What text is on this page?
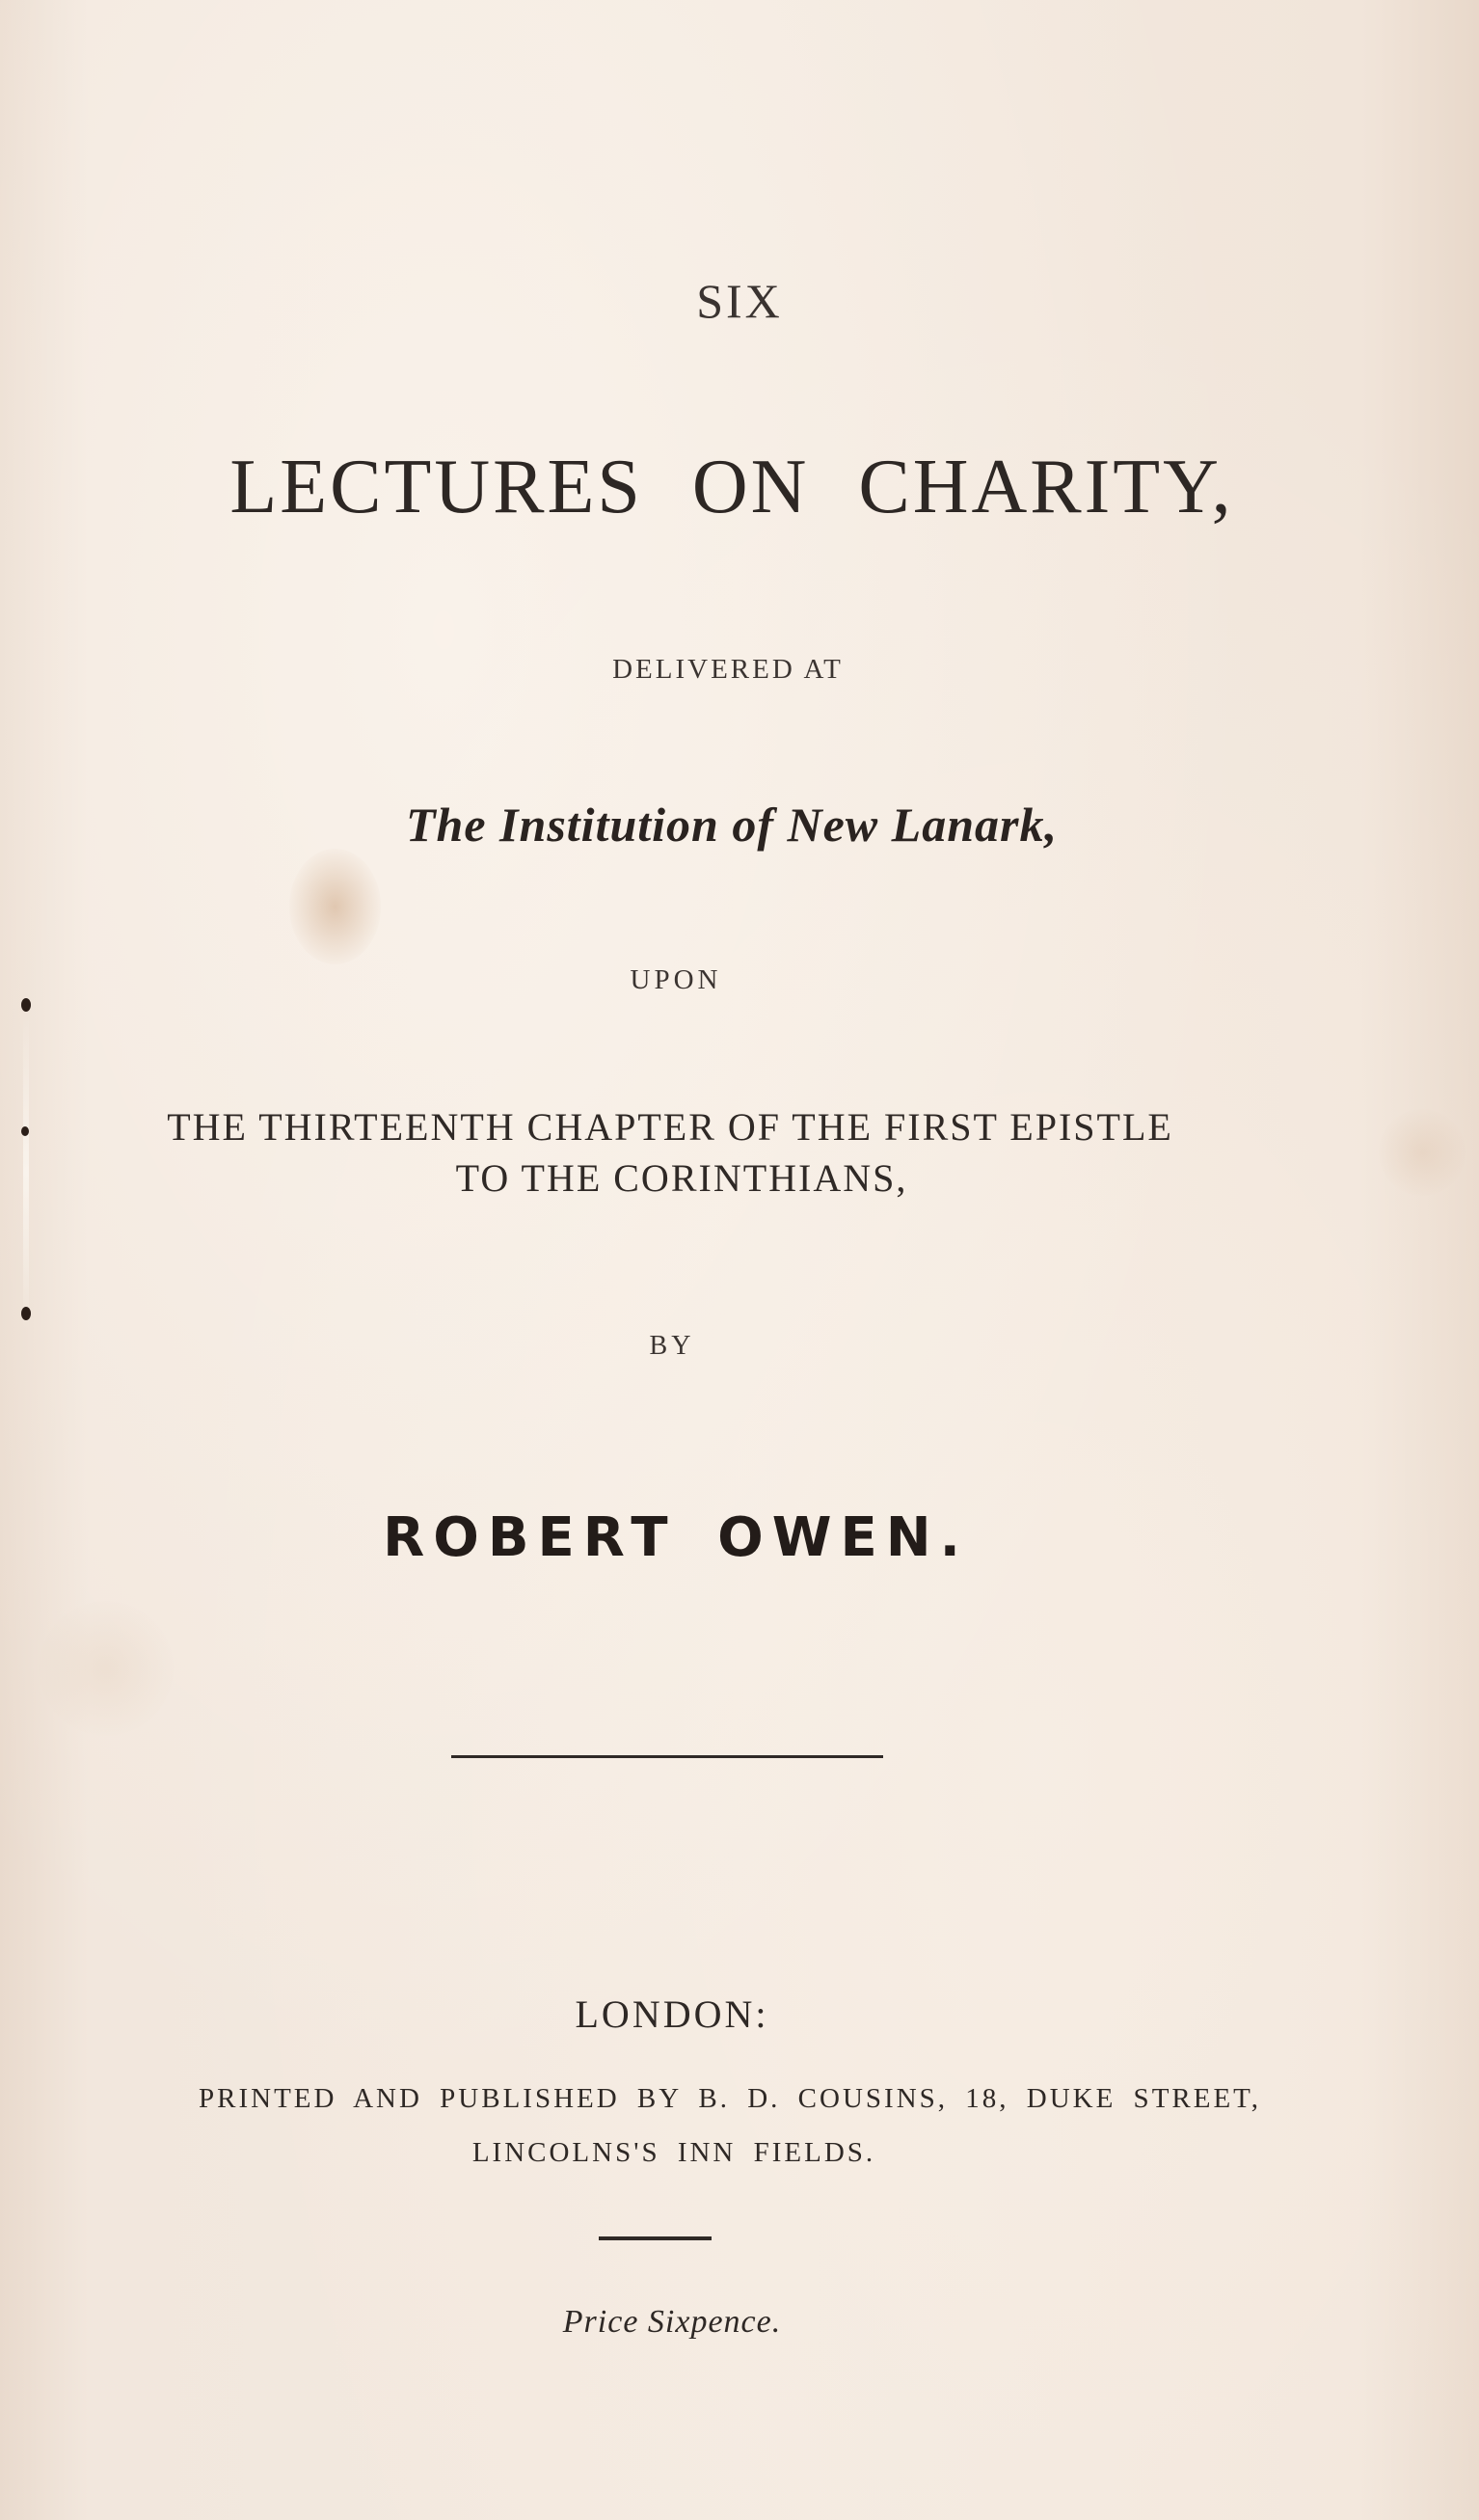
SIX
LECTURES ON CHARITY,
DELIVERED AT
The Institution of New Lanark,
UPON
THE THIRTEENTH CHAPTER OF THE FIRST EPISTLE
TO THE CORINTHIANS,
BY
ROBERT OWEN.
LONDON:
PRINTED AND PUBLISHED BY B. D. COUSINS, 18, DUKE STREET,
LINCOLNS'S INN FIELDS.
Price Sixpence.
